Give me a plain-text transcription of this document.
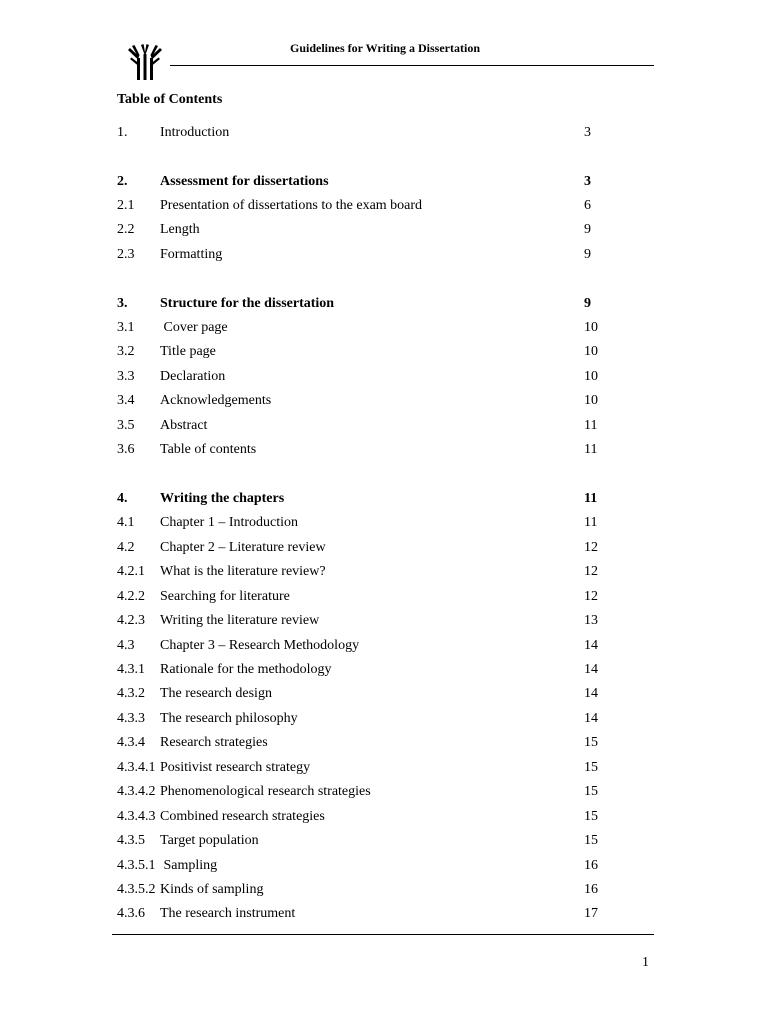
Guidelines for Writing a Dissertation
Table of Contents
1. Introduction	3
2. Assessment for dissertations	3
2.1 Presentation of dissertations to the exam board	6
2.2 Length	9
2.3 Formatting	9
3. Structure for the dissertation	9
3.1 Cover page	10
3.2 Title page	10
3.3 Declaration	10
3.4 Acknowledgements	10
3.5 Abstract	11
3.6 Table of contents	11
4. Writing the chapters	11
4.1 Chapter 1 – Introduction	11
4.2 Chapter 2 – Literature review	12
4.2.1 What is the literature review?	12
4.2.2 Searching for literature	12
4.2.3 Writing the literature review	13
4.3 Chapter 3 – Research Methodology	14
4.3.1 Rationale for the methodology	14
4.3.2 The research design	14
4.3.3 The research philosophy	14
4.3.4 Research strategies	15
4.3.4.1 Positivist research strategy	15
4.3.4.2 Phenomenological research strategies	15
4.3.4.3 Combined research strategies	15
4.3.5 Target population	15
4.3.5.1 Sampling	16
4.3.5.2 Kinds of sampling	16
4.3.6 The research instrument	17
1
